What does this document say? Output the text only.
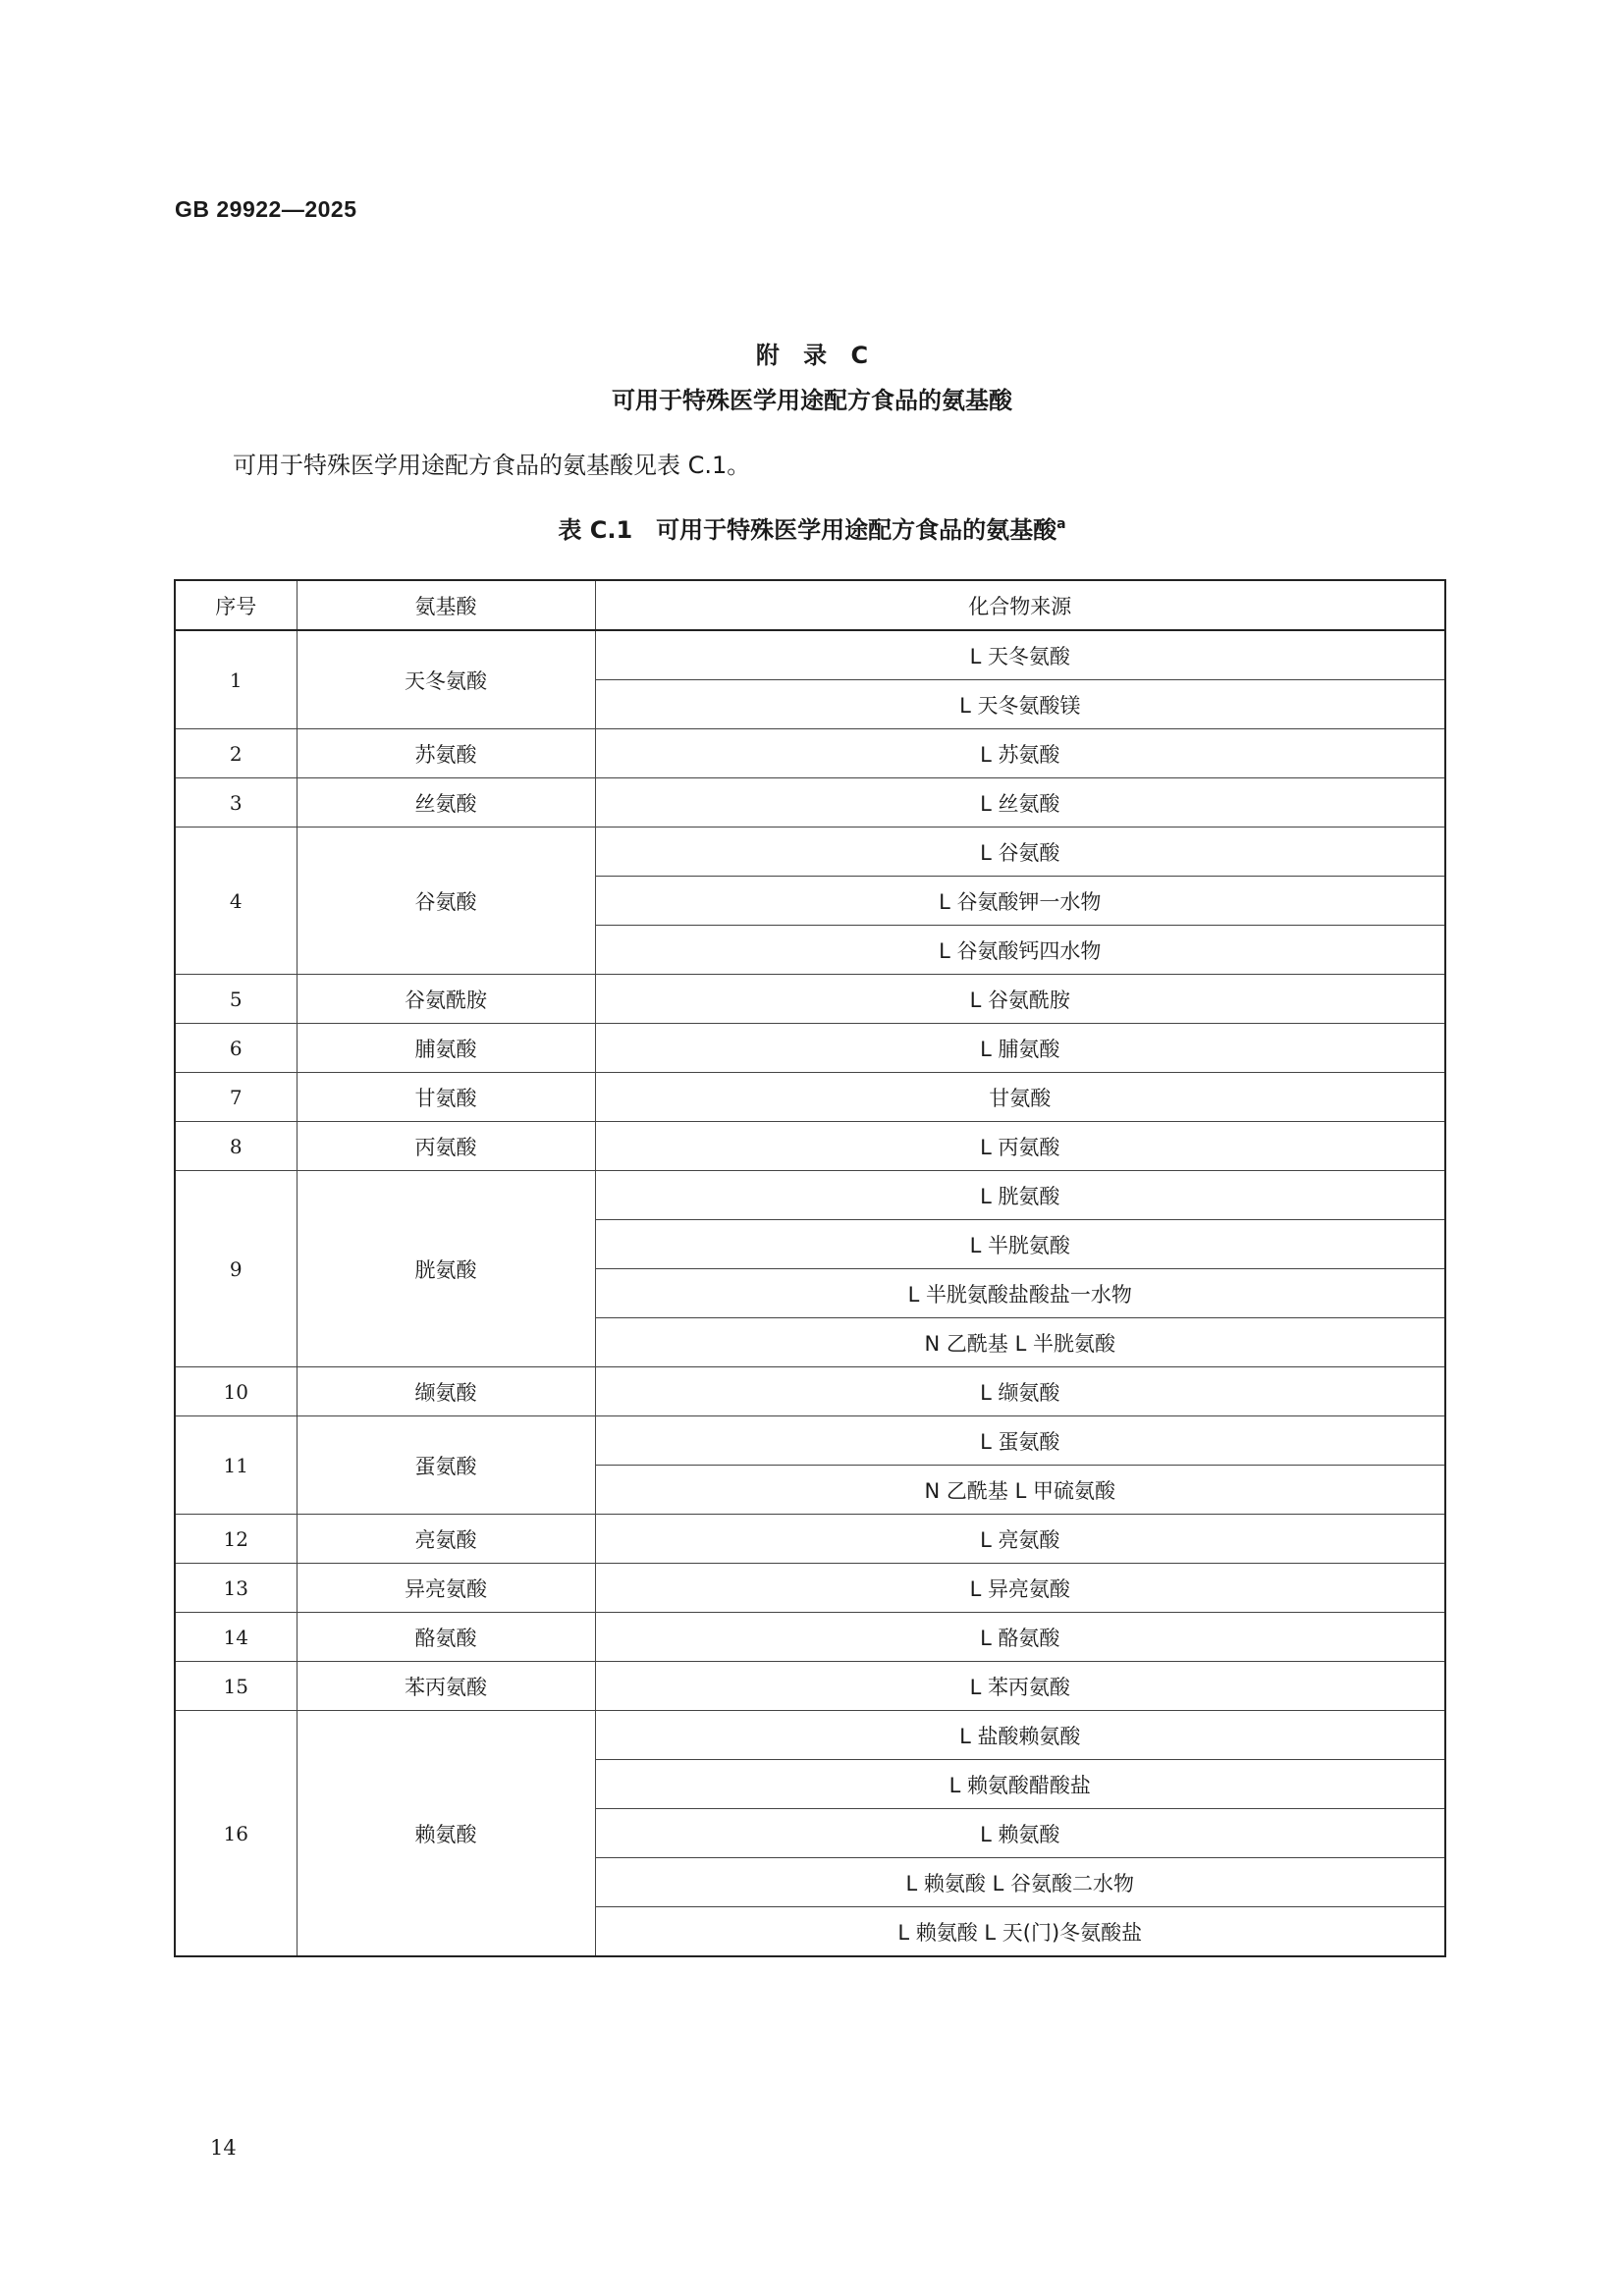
GB 29922—2025
附 录 C
可用于特殊医学用途配方食品的氨基酸
可用于特殊医学用途配方食品的氨基酸见表 C.1。
表 C.1　可用于特殊医学用途配方食品的氨基酸$^a$
序号	氨基酸	化合物来源
1	天冬氨酸	L 天冬氨酸
		L 天冬氨酸镁
2	苏氨酸	L 苏氨酸
3	丝氨酸	L 丝氨酸
4	谷氨酸	L 谷氨酸
		L 谷氨酸钾一水物
		L 谷氨酸钙四水物
5	谷氨酰胺	L 谷氨酰胺
6	脯氨酸	L 脯氨酸
7	甘氨酸	甘氨酸
8	丙氨酸	L 丙氨酸
9	胱氨酸	L 胱氨酸
		L 半胱氨酸
		L 半胱氨酸盐酸盐一水物
		N 乙酰基 L 半胱氨酸
10	缬氨酸	L 缬氨酸
11	蛋氨酸	L 蛋氨酸
		N 乙酰基 L 甲硫氨酸
12	亮氨酸	L 亮氨酸
13	异亮氨酸	L 异亮氨酸
14	酪氨酸	L 酪氨酸
15	苯丙氨酸	L 苯丙氨酸
16	赖氨酸	L 盐酸赖氨酸
		L 赖氨酸醋酸盐
		L 赖氨酸
		L 赖氨酸 L 谷氨酸二水物
		L 赖氨酸 L 天(门)冬氨酸盐
14
